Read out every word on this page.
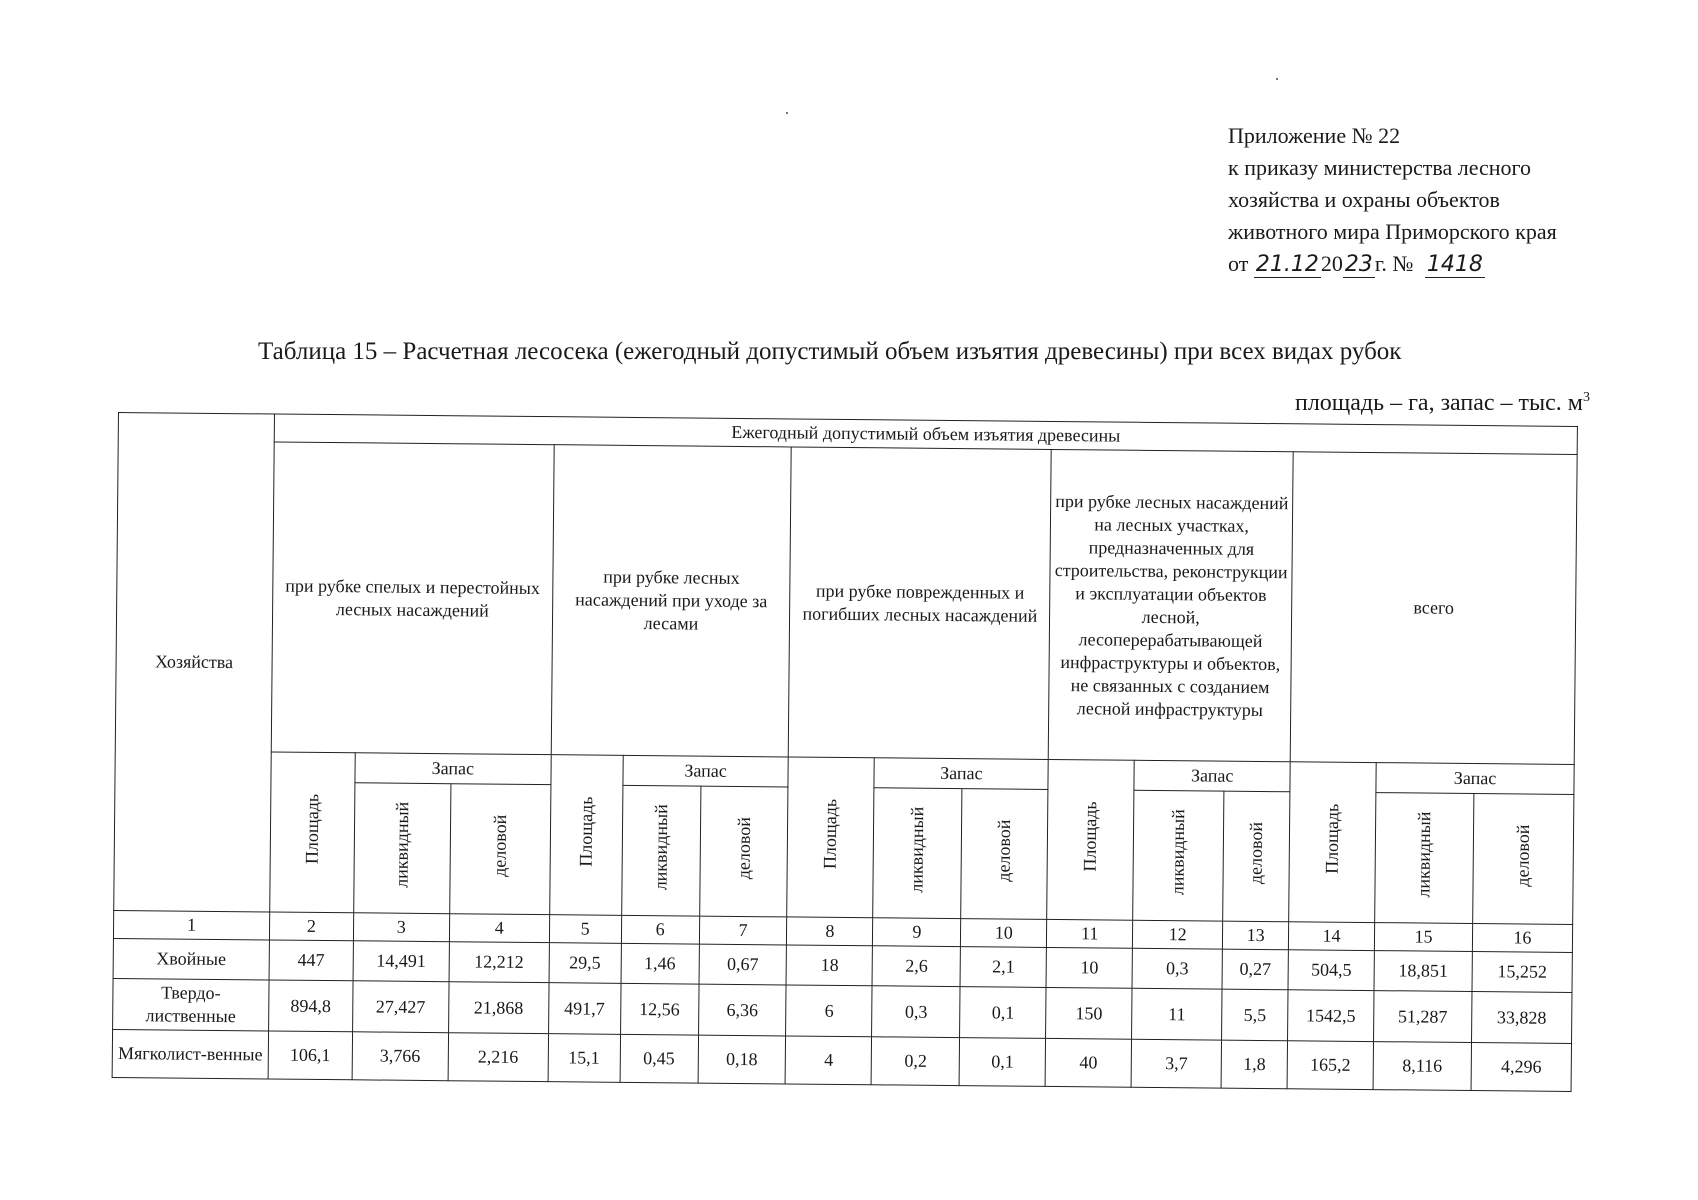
Приложение № 22
к приказу министерства лесного
хозяйства и охраны объектов
животного мира Приморского края
от 21.122023г. № 1418
Таблица 15 – Расчетная лесосека (ежегодный допустимый объем изъятия древесины) при всех видах рубок
площадь – га, запас – тыс. $м^3$
Хозяйства	Ежегодный допустимый объем изъятия древесины														
	при рубке спелых и перестойных лесных насаждений			при рубке лесных насаждений при уходе за лесами			при рубке поврежденных и погибших лесных насаждений			при рубке лесных насаждений на лесных участках, предназначенных для строительства, реконструкции и эксплуатации объектов лесной, лесоперерабатывающей инфраструктуры и объектов, не связанных с созданием лесной инфраструктуры			всего		
	Площадь	Запас		Площадь	Запас		Площадь	Запас		Площадь	Запас		Площадь	Запас	
		ликвидный	деловой		ликвидный	деловой		ликвидный	деловой		ликвидный	деловой		ликвидный	деловой
1	2	3	4	5	6	7	8	9	10	11	12	13	14	15	16
Хвойные	447	14,491	12,212	29,5	1,46	0,67	18	2,6	2,1	10	0,3	0,27	504,5	18,851	15,252
Твердо-лиственные	894,8	27,427	21,868	491,7	12,56	6,36	6	0,3	0,1	150	11	5,5	1542,5	51,287	33,828
Мягколист-венные	106,1	3,766	2,216	15,1	0,45	0,18	4	0,2	0,1	40	3,7	1,8	165,2	8,116	4,296
